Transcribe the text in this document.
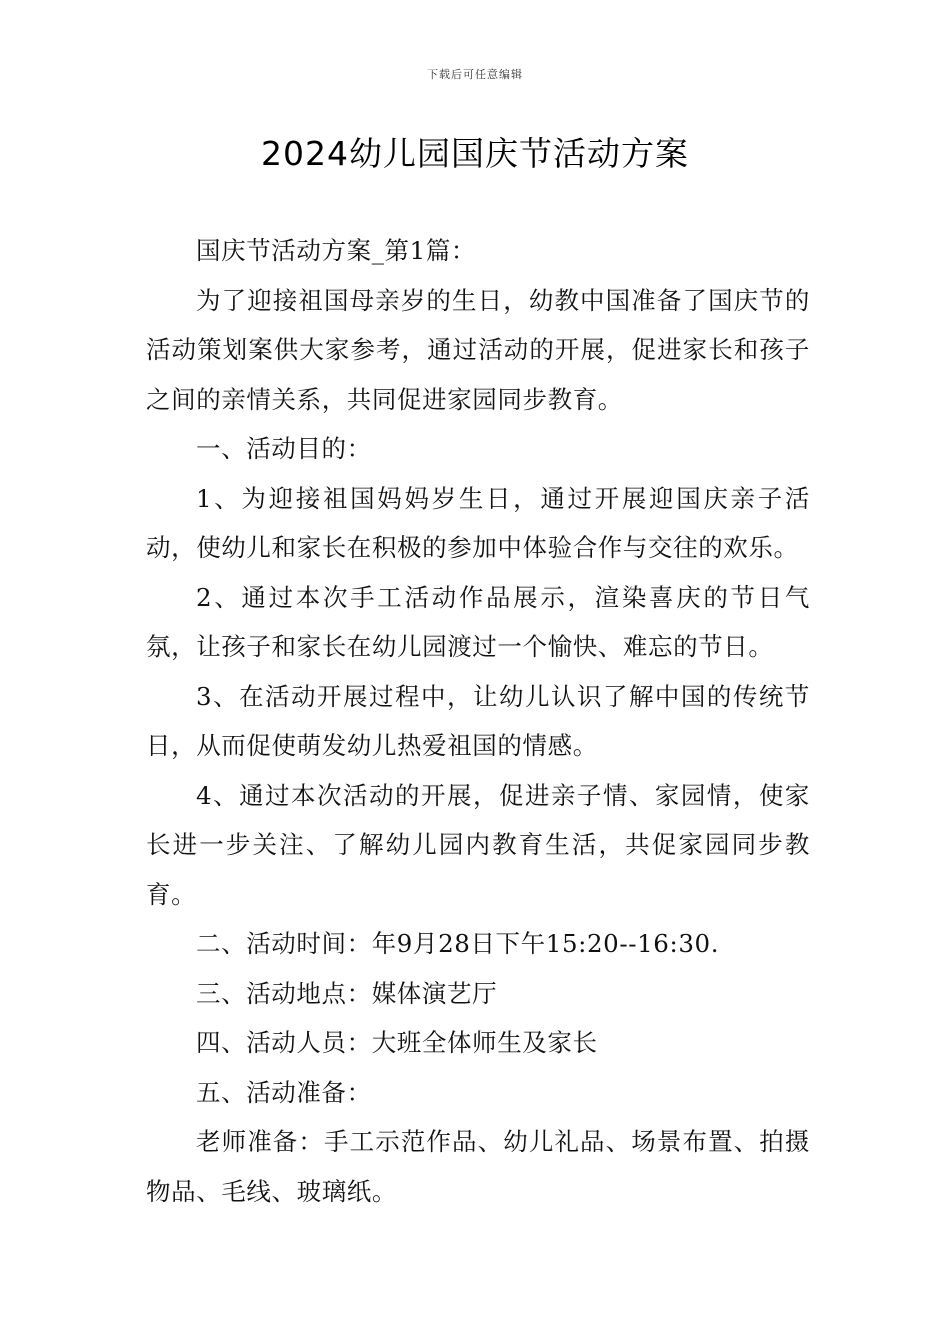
下载后可任意编辑
2024幼儿园国庆节活动方案

国庆节活动方案_第1篇：

为了迎接祖国母亲岁的生日，幼教中国准备了国庆节的活动策划案供大家参考，通过活动的开展，促进家长和孩子之间的亲情关系，共同促进家园同步教育。

一、活动目的：

1、为迎接祖国妈妈岁生日，通过开展迎国庆亲子活动，使幼儿和家长在积极的参加中体验合作与交往的欢乐。

2、通过本次手工活动作品展示，渲染喜庆的节日气氛，让孩子和家长在幼儿园渡过一个愉快、难忘的节日。

3、在活动开展过程中，让幼儿认识了解中国的传统节日，从而促使萌发幼儿热爱祖国的情感。

4、通过本次活动的开展，促进亲子情、家园情，使家长进一步关注、了解幼儿园内教育生活，共促家园同步教育。

二、活动时间：年9月28日下午15:20--16:30.

三、活动地点：媒体演艺厅

四、活动人员：大班全体师生及家长

五、活动准备：

老师准备：手工示范作品、幼儿礼品、场景布置、拍摄物品、毛线、玻璃纸。
